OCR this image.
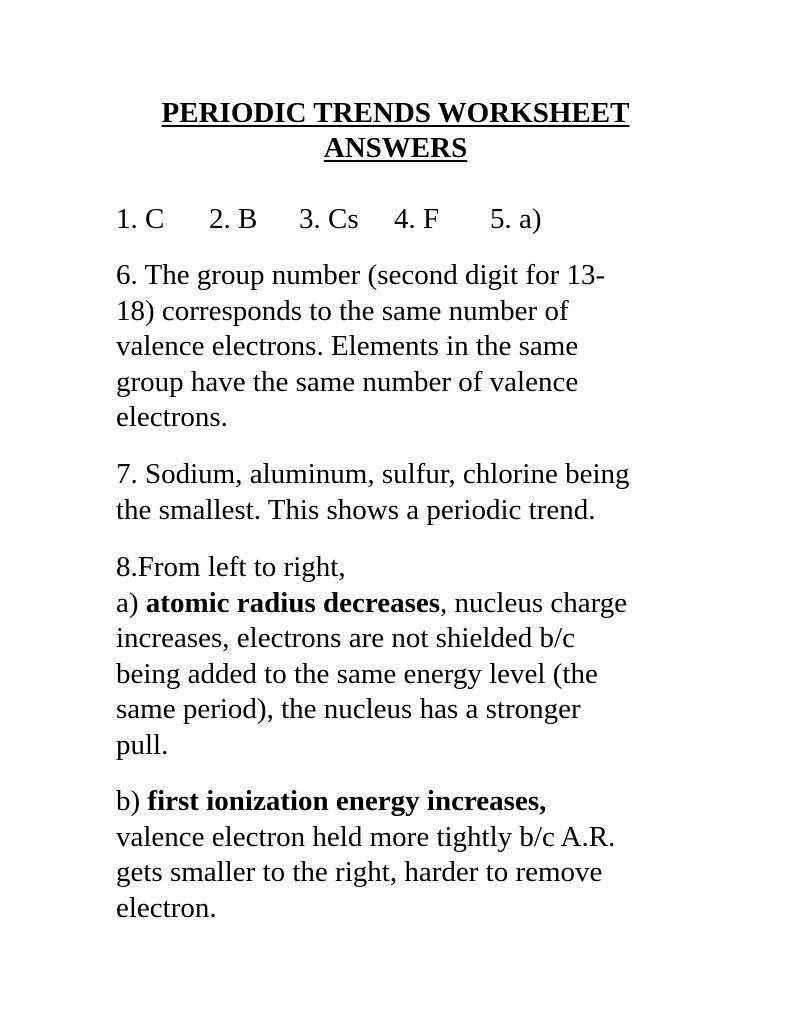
PERIODIC TRENDS WORKSHEET
ANSWERS
1. C 2. B 3. Cs 4. F 5. a)
6. The group number (second digit for 13-
18) corresponds to the same number of
valence electrons. Elements in the same
group have the same number of valence
electrons.
7. Sodium, aluminum, sulfur, chlorine being
the smallest. This shows a periodic trend.
8.From left to right,
a) atomic radius decreases, nucleus charge
increases, electrons are not shielded b/c
being added to the same energy level (the
same period), the nucleus has a stronger
pull.
b) first ionization energy increases,
valence electron held more tightly b/c A.R.
gets smaller to the right, harder to remove
electron.
